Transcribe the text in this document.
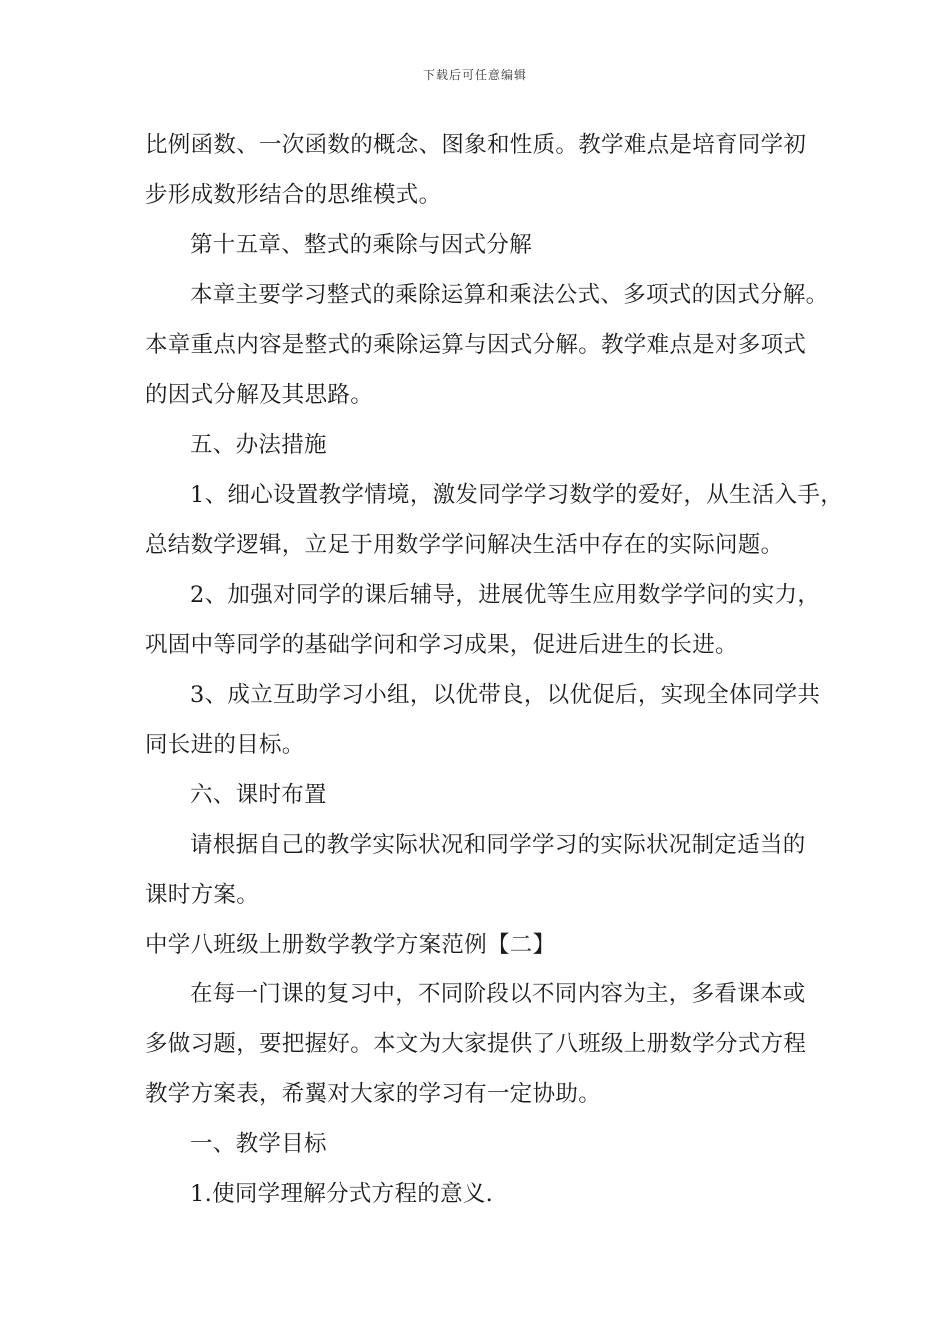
下载后可任意编辑
比例函数、一次函数的概念、图象和性质。教学难点是培育同学初
步形成数形结合的思维模式。
第十五章、整式的乘除与因式分解
本章主要学习整式的乘除运算和乘法公式、多项式的因式分解。
本章重点内容是整式的乘除运算与因式分解。教学难点是对多项式
的因式分解及其思路。
五、办法措施
1、细心设置教学情境，激发同学学习数学的爱好，从生活入手，
总结数学逻辑，立足于用数学学问解决生活中存在的实际问题。
2、加强对同学的课后辅导，进展优等生应用数学学问的实力，
巩固中等同学的基础学问和学习成果，促进后进生的长进。
3、成立互助学习小组，以优带良，以优促后，实现全体同学共
同长进的目标。
六、课时布置
请根据自己的教学实际状况和同学学习的实际状况制定适当的
课时方案。
中学八班级上册数学教学方案范例【二】
在每一门课的复习中，不同阶段以不同内容为主，多看课本或
多做习题，要把握好。本文为大家提供了八班级上册数学分式方程
教学方案表，希翼对大家的学习有一定协助。
一、教学目标
1.使同学理解分式方程的意义.
